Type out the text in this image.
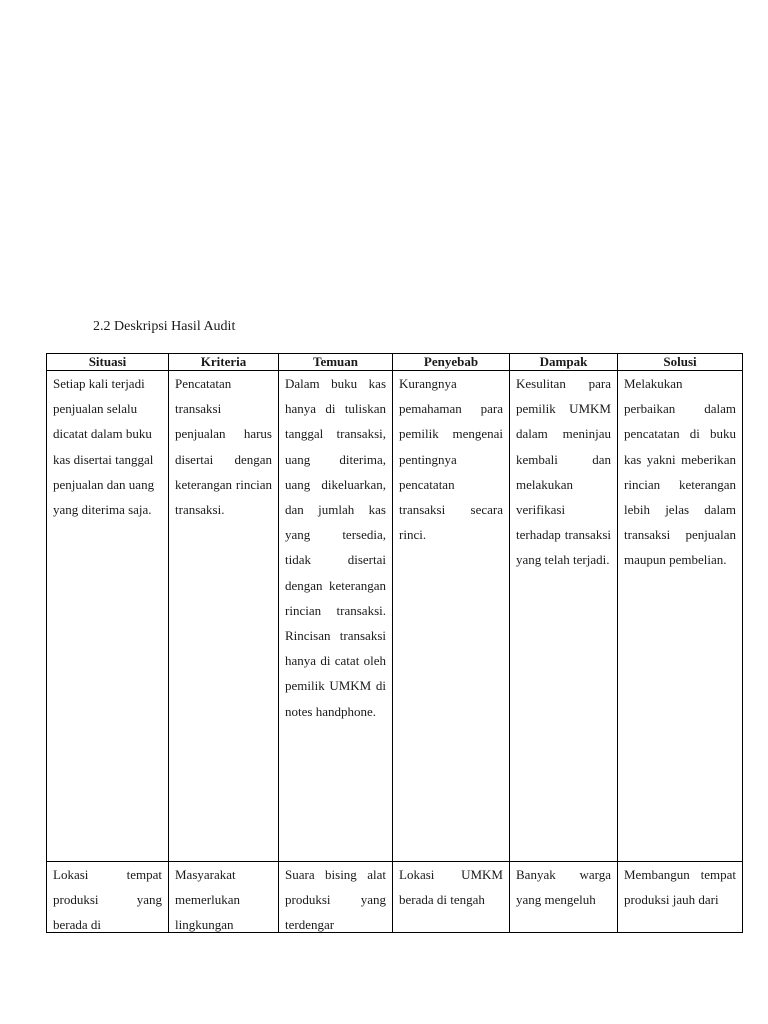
2.2 Deskripsi Hasil Audit
Situasi	Kriteria	Temuan	Penyebab	Dampak	Solusi

Setiap kali terjadi penjualan selalu dicatat dalam buku kas disertai tanggal penjualan dan uang yang diterima saja.	Pencatatan transaksi penjualan harus disertai dengan keterangan rincian transaksi.	Dalam buku kas hanya di tuliskan tanggal transaksi, uang diterima, uang dikeluarkan, dan jumlah kas yang tersedia, tidak disertai dengan keterangan rincian transaksi. Rincisan transaksi hanya di catat oleh pemilik UMKM di notes handphone.	Kurangnya pemahaman para pemilik mengenai pentingnya pencatatan transaksi secara rinci.	Kesulitan para pemilik UMKM dalam meninjau kembali dan melakukan verifikasi terhadap transaksi yang telah terjadi.	Melakukan perbaikan dalam pencatatan di buku kas yakni meberikan rincian keterangan lebih jelas dalam transaksi penjualan maupun pembelian.

Lokasi tempat produksi yang berada di	Masyarakat memerlukan lingkungan	Suara bising alat produksi yang terdengar	Lokasi UMKM berada di tengah	Banyak warga yang mengeluh	Membangun tempat produksi jauh dari
